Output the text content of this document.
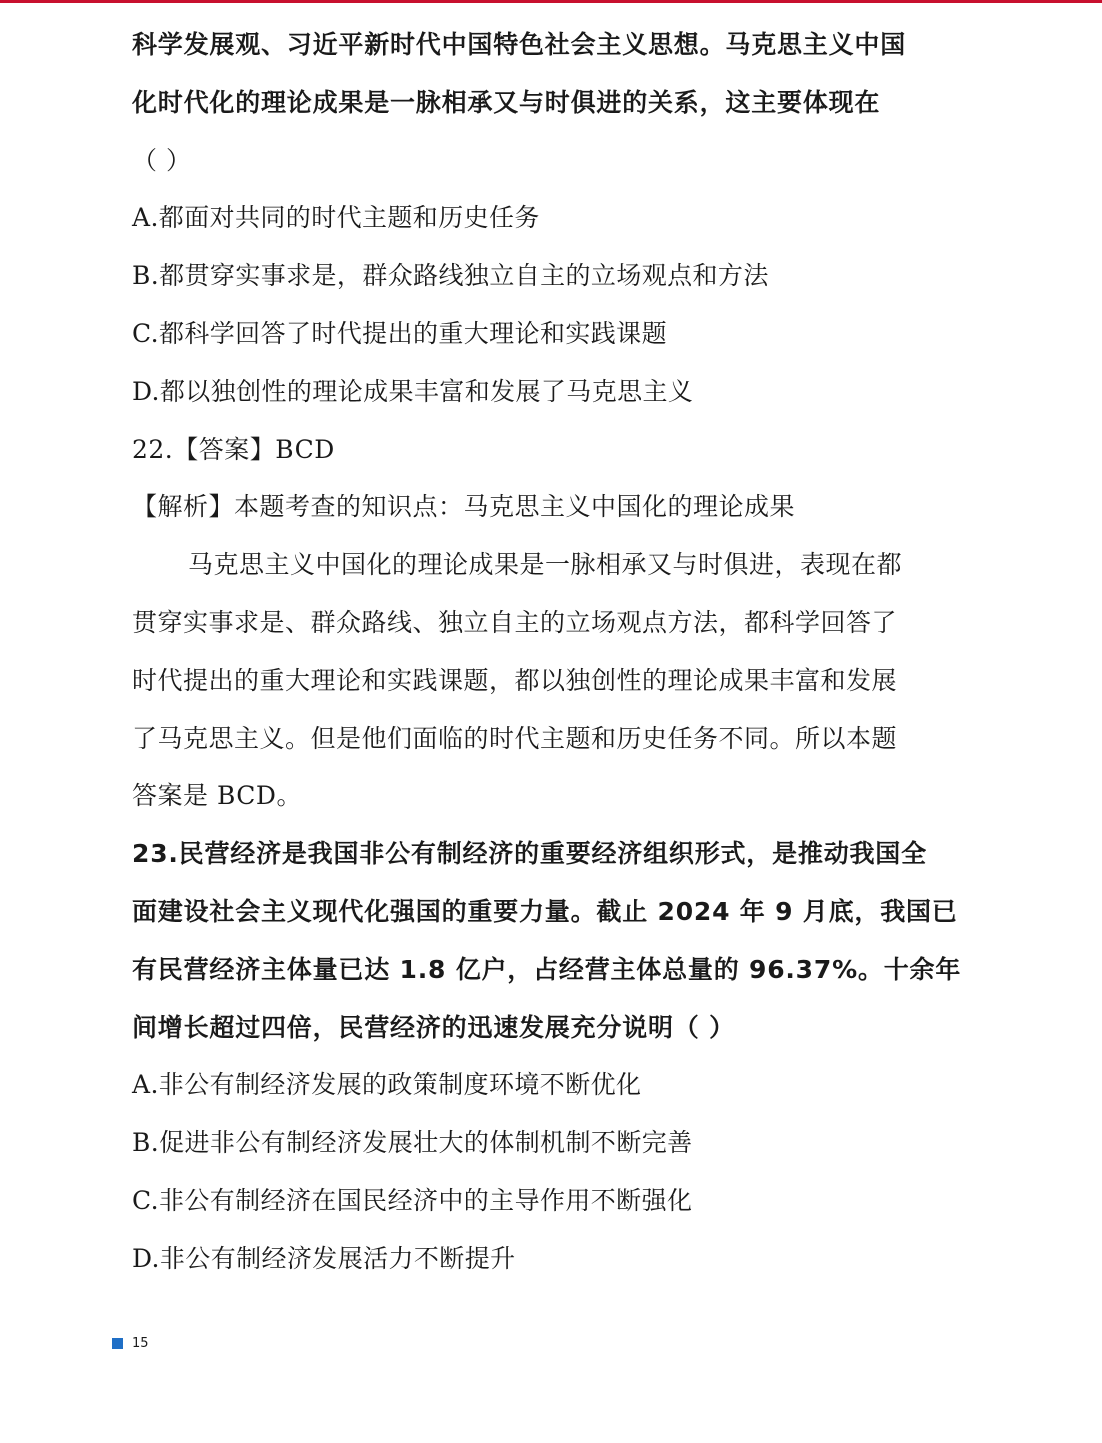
科学发展观、习近平新时代中国特色社会主义思想。马克思主义中国
化时代化的理论成果是一脉相承又与时俱进的关系，这主要体现在
（ ）
A.都面对共同的时代主题和历史任务
B.都贯穿实事求是，群众路线独立自主的立场观点和方法
C.都科学回答了时代提出的重大理论和实践课题
D.都以独创性的理论成果丰富和发展了马克思主义
22.【答案】BCD
【解析】本题考查的知识点：马克思主义中国化的理论成果
马克思主义中国化的理论成果是一脉相承又与时俱进，表现在都
贯穿实事求是、群众路线、独立自主的立场观点方法，都科学回答了
时代提出的重大理论和实践课题，都以独创性的理论成果丰富和发展
了马克思主义。但是他们面临的时代主题和历史任务不同。所以本题
答案是 BCD。
23.民营经济是我国非公有制经济的重要经济组织形式，是推动我国全
面建设社会主义现代化强国的重要力量。截止 2024 年 9 月底，我国已
有民营经济主体量已达 1.8 亿户，占经营主体总量的 96.37%。十余年
间增长超过四倍，民营经济的迅速发展充分说明（ ）
A.非公有制经济发展的政策制度环境不断优化
B.促进非公有制经济发展壮大的体制机制不断完善
C.非公有制经济在国民经济中的主导作用不断强化
D.非公有制经济发展活力不断提升
15
